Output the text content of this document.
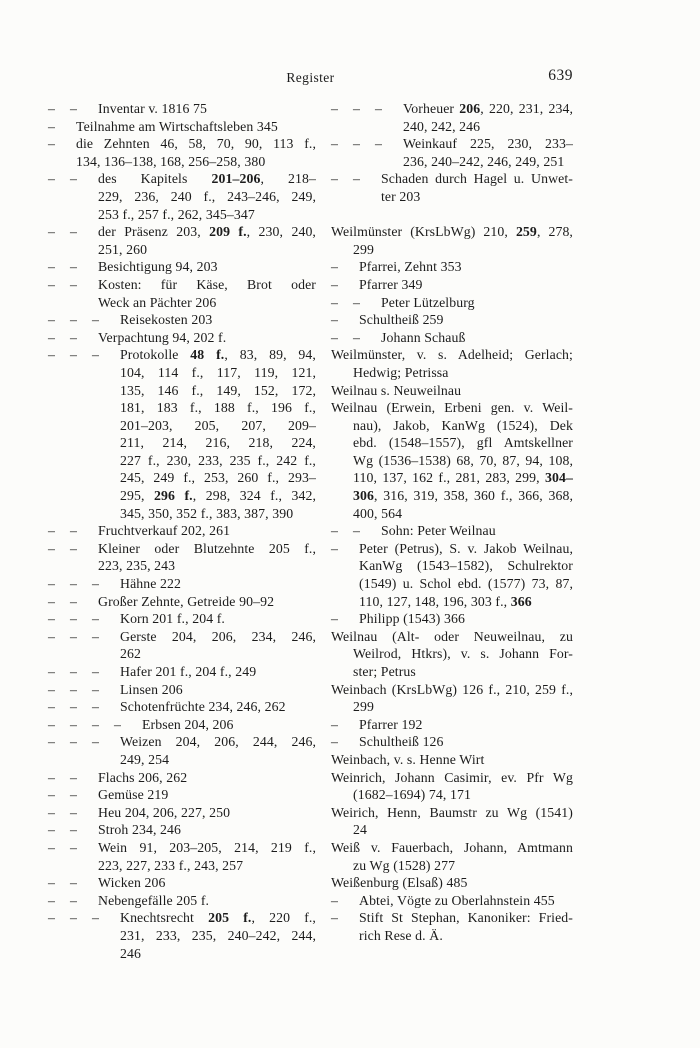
Register	639

– – Inventar v. 1816 75

– Teilnahme am Wirtschaftsleben 345

– die Zehnten 46, 58, 70, 90, 113 f.,
134, 136–138, 168, 256–258, 380

– – des Kapitels 201–206, 218–
229, 236, 240 f., 243–246, 249,
253 f., 257 f., 262, 345–347

– – der Präsenz 203, 209 f., 230, 240,
251, 260

– – Besichtigung 94, 203

– – Kosten: für Käse, Brot oder
Weck an Pächter 206

– – – Reisekosten 203

– – Verpachtung 94, 202 f.

– – – Protokolle 48 f., 83, 89, 94,
104, 114 f., 117, 119, 121,
135, 146 f., 149, 152, 172,
181, 183 f., 188 f., 196 f.,
201–203, 205, 207, 209–
211, 214, 216, 218, 224,
227 f., 230, 233, 235 f., 242 f.,
245, 249 f., 253, 260 f., 293–
295, 296 f., 298, 324 f., 342,
345, 350, 352 f., 383, 387, 390

– – Fruchtverkauf 202, 261

– – Kleiner oder Blutzehnte 205 f.,
223, 235, 243

– – – Hähne 222

– – Großer Zehnte, Getreide 90–92

– – – Korn 201 f., 204 f.

– – – Gerste 204, 206, 234, 246,
262

– – – Hafer 201 f., 204 f., 249

– – – Linsen 206

– – – Schotenfrüchte 234, 246, 262

– – – – Erbsen 204, 206

– – – Weizen 204, 206, 244, 246,
249, 254

– – Flachs 206, 262

– – Gemüse 219

– – Heu 204, 206, 227, 250

– – Stroh 234, 246

– – Wein 91, 203–205, 214, 219 f.,
223, 227, 233 f., 243, 257

– – Wicken 206

– – Nebengefälle 205 f.

– – – Knechtsrecht 205 f., 220 f.,
231, 233, 235, 240–242, 244,
246

– – – Vorheuer 206, 220, 231, 234,
240, 242, 246

– – – Weinkauf 225, 230, 233–
236, 240–242, 246, 249, 251

– – Schaden durch Hagel u. Unwet-
ter 203

Weilmünster (KrsLbWg) 210, 259, 278,
299

– Pfarrei, Zehnt 353

– Pfarrer 349

– – Peter Lützelburg

– Schultheiß 259

– – Johann Schauß

Weilmünster, v. s. Adelheid; Gerlach;
Hedwig; Petrissa

Weilnau s. Neuweilnau

Weilnau (Erwein, Erbeni gen. v. Weil-
nau), Jakob, KanWg (1524), Dek
ebd. (1548–1557), gfl Amtskellner
Wg (1536–1538) 68, 70, 87, 94, 108,
110, 137, 162 f., 281, 283, 299, 304–
306, 316, 319, 358, 360 f., 366, 368,
400, 564

– – Sohn: Peter Weilnau

– Peter (Petrus), S. v. Jakob Weilnau,
KanWg (1543–1582), Schulrektor
(1549) u. Schol ebd. (1577) 73, 87,
110, 127, 148, 196, 303 f., 366

– Philipp (1543) 366

Weilnau (Alt- oder Neuweilnau, zu
Weilrod, Htkrs), v. s. Johann For-
ster; Petrus

Weinbach (KrsLbWg) 126 f., 210, 259 f.,
299

– Pfarrer 192

– Schultheiß 126

Weinbach, v. s. Henne Wirt

Weinrich, Johann Casimir, ev. Pfr Wg
(1682–1694) 74, 171

Weirich, Henn, Baumstr zu Wg (1541)
24

Weiß v. Fauerbach, Johann, Amtmann
zu Wg (1528) 277

Weißenburg (Elsaß) 485

– Abtei, Vögte zu Oberlahnstein 455

– Stift St Stephan, Kanoniker: Fried-
rich Rese d. Ä.
